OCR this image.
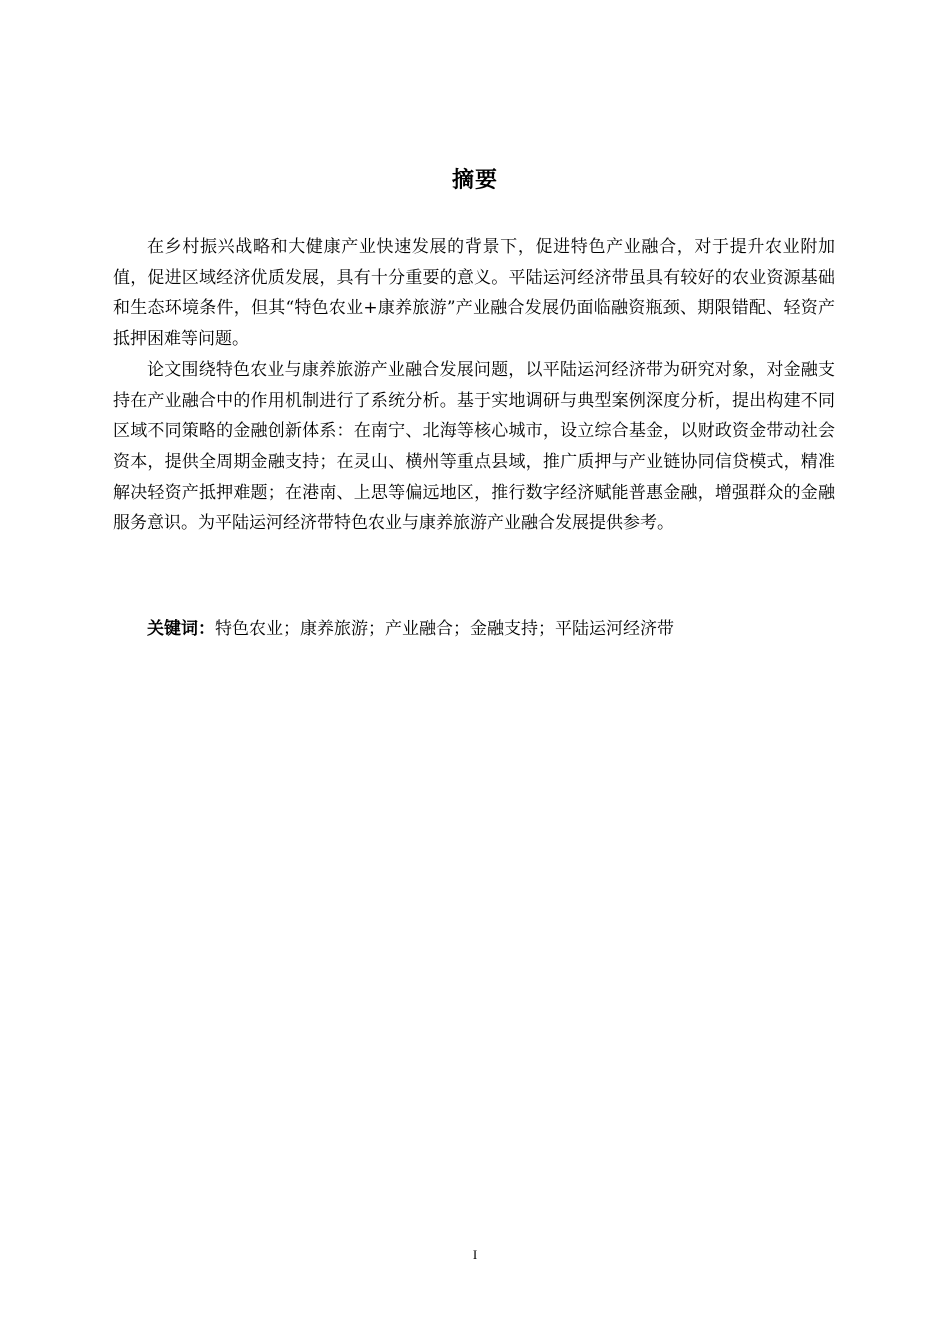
摘要

在乡村振兴战略和大健康产业快速发展的背景下，促进特色产业融合，对于提升农业附加值，促进区域经济优质发展，具有十分重要的意义。平陆运河经济带虽具有较好的农业资源基础和生态环境条件，但其“特色农业+康养旅游”产业融合发展仍面临融资瓶颈、期限错配、轻资产抵押困难等问题。

论文围绕特色农业与康养旅游产业融合发展问题，以平陆运河经济带为研究对象，对金融支持在产业融合中的作用机制进行了系统分析。基于实地调研与典型案例深度分析，提出构建不同区域不同策略的金融创新体系：在南宁、北海等核心城市，设立综合基金，以财政资金带动社会资本，提供全周期金融支持；在灵山、横州等重点县域，推广质押与产业链协同信贷模式，精准解决轻资产抵押难题；在港南、上思等偏远地区，推行数字经济赋能普惠金融，增强群众的金融服务意识。为平陆运河经济带特色农业与康养旅游产业融合发展提供参考。

关键词：特色农业；康养旅游；产业融合；金融支持；平陆运河经济带
I
